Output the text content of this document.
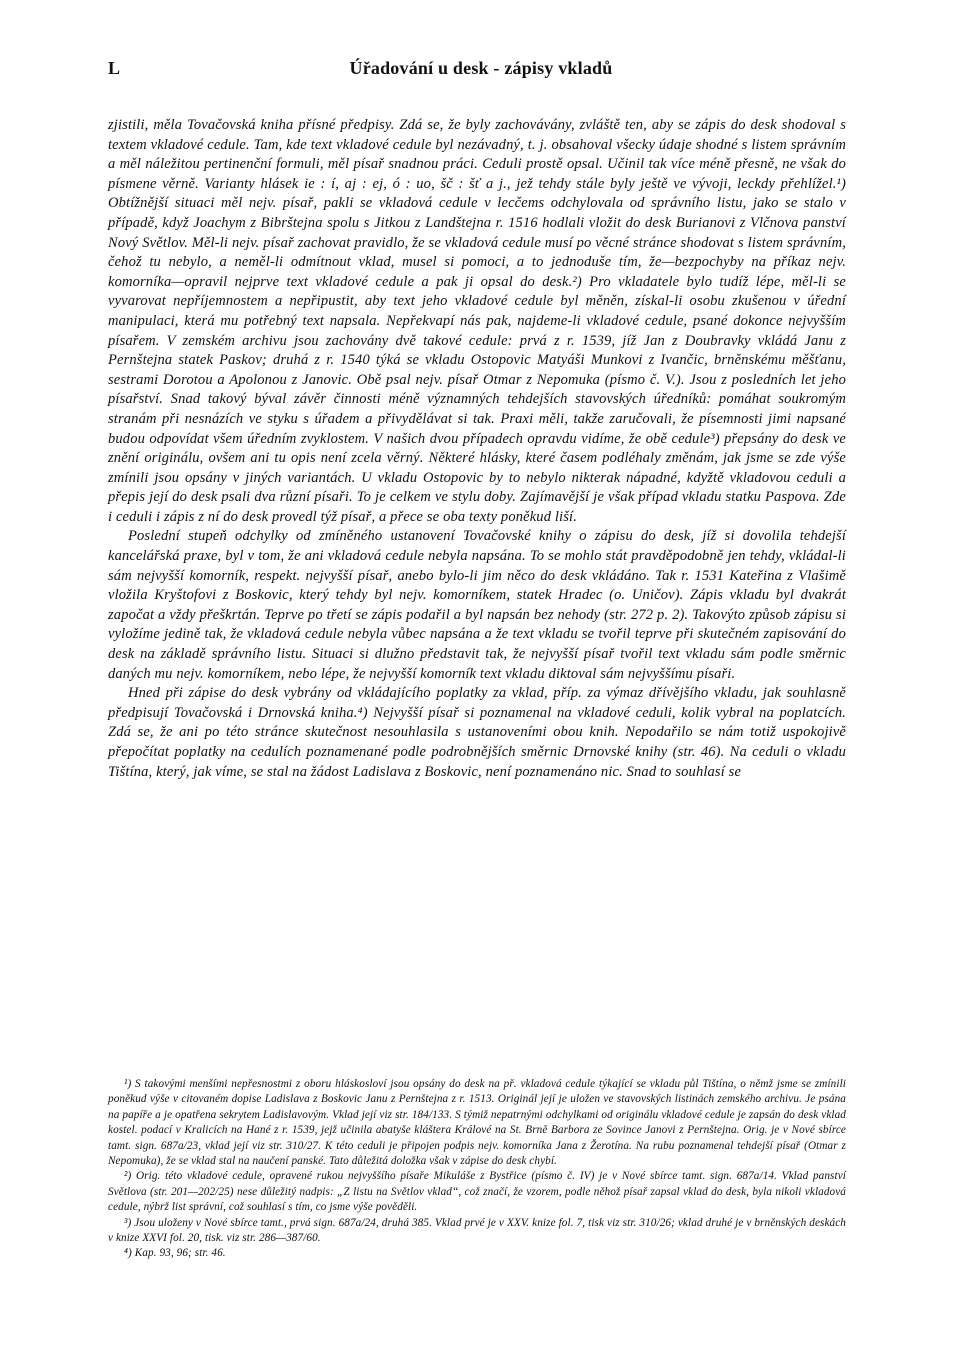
L	Úřadování u desk - zápisy vkladů

zjistili, měla Tovačovská kniha přísné předpisy. Zdá se, že byly zachovávány, zvláště ten, aby se zápis do desk shodoval s textem vkladové cedule. Tam, kde text vkladové cedule byl nezávadný, t. j. obsahoval všecky údaje shodné s listem správním a měl náležitou pertinenční formuli, měl písař snadnou práci. Ceduli prostě opsal. Učinil tak více méně přesně, ne však do písmene věrně. Varianty hlásek ie : í, aj : ej, ó : uo, šč : šť a j., jež tehdy stále byly ještě ve vývoji, leckdy přehlížel.¹) Obtížnější situaci měl nejv. písař, pakli se vkladová cedule v lecčems odchylovala od správního listu, jako se stalo v případě, když Joachym z Bibrštejna spolu s Jitkou z Landštejna r. 1516 hodlali vložit do desk Burianovi z Vlčnova panství Nový Světlov. Měl-li nejv. písař zachovat pravidlo, že se vkladová cedule musí po věcné stránce shodovat s listem správním, čehož tu nebylo, a neměl-li odmítnout vklad, musel si pomoci, a to jednoduše tím, že—bezpochyby na příkaz nejv. komorníka—opravil nejprve text vkladové cedule a pak ji opsal do desk.²) Pro vkladatele bylo tudíž lépe, měl-li se vyvarovat nepříjemnostem a nepřipustit, aby text jeho vkladové cedule byl měněn, získal-li osobu zkušenou v úřední manipulaci, která mu potřebný text napsala. Nepřekvapí nás pak, najdeme-li vkladové cedule, psané dokonce nejvyšším písařem. V zemském archivu jsou zachovány dvě takové cedule: prvá z r. 1539, jíž Jan z Doubravky vkládá Janu z Pernštejna statek Paskov; druhá z r. 1540 týká se vkladu Ostopovic Matyáši Munkovi z Ivančic, brněnskému měšťanu, sestrami Dorotou a Apolonou z Janovic. Obě psal nejv. písař Otmar z Nepomuka (písmo č. V.). Jsou z posledních let jeho písařství. Snad takový býval závěr činnosti méně významných tehdejších stavovských úředníků: pomáhat soukromým stranám při nesnázích ve styku s úřadem a přivydělávat si tak. Praxi měli, takže zaručovali, že písemnosti jimi napsané budou odpovídat všem úředním zvyklostem. V našich dvou případech opravdu vidíme, že obě cedule³) přepsány do desk ve znění originálu, ovšem ani tu opis není zcela věrný. Některé hlásky, které časem podléhaly změnám, jak jsme se zde výše zmínili jsou opsány v jiných variantách. U vkladu Ostopovic by to nebylo nikterak nápadné, kdyžtě vkladovou ceduli a přepis její do desk psali dva různí písaři. To je celkem ve stylu doby. Zajímavější je však případ vkladu statku Paspova. Zde i ceduli i zápis z ní do desk provedl týž písař, a přece se oba texty poněkud liší.

Poslední stupeň odchylky od zmíněného ustanovení Tovačovské knihy o zápisu do desk, jíž si dovolila tehdejší kancelářská praxe, byl v tom, že ani vkladová cedule nebyla napsána. To se mohlo stát pravděpodobně jen tehdy, vkládal-li sám nejvyšší komorník, respekt. nejvyšší písař, anebo bylo-li jim něco do desk vkládáno. Tak r. 1531 Kateřina z Vlašimě vložila Kryštofovi z Boskovic, který tehdy byl nejv. komorníkem, statek Hradec (o. Uničov). Zápis vkladu byl dvakrát započat a vždy přeškrtán. Teprve po třetí se zápis podařil a byl napsán bez nehody (str. 272 p. 2). Takovýto způsob zápisu si vyložíme jedině tak, že vkladová cedule nebyla vůbec napsána a že text vkladu se tvořil teprve při skutečném zapisování do desk na základě správního listu. Situaci si dlužno představit tak, že nejvyšší písař tvořil text vkladu sám podle směrnic daných mu nejv. komorníkem, nebo lépe, že nejvyšší komorník text vkladu diktoval sám nejvyššímu písaři.

Hned při zápise do desk vybrány od vkládajícího poplatky za vklad, příp. za výmaz dřívějšího vkladu, jak souhlasně předpisují Tovačovská i Drnovská kniha.⁴) Nejvyšší písař si poznamenal na vkladové ceduli, kolik vybral na poplatcích. Zdá se, že ani po této stránce skutečnost nesouhlasila s ustanoveními obou knih. Nepodařilo se nám totiž uspokojivě přepočítat poplatky na cedulích poznamenané podle podrobnějších směrnic Drnovské knihy (str. 46). Na ceduli o vkladu Tištína, který, jak víme, se stal na žádost Ladislava z Boskovic, není poznamenáno nic. Snad to souhlasí se

¹) S takovými menšími nepřesnostmi z oboru hláskosloví jsou opsány do desk na př. vkladová cedule týkající se vkladu půl Tištína, o němž jsme se zmínili poněkud výše v citovaném dopise Ladislava z Boskovic Janu z Pernštejna z r. 1513. Originál její je uložen ve stavovských listinách zemského archivu. Je psána na papíře a je opatřena sekrytem Ladislavovým. Vklad její viz str. 184/133. S týmiž nepatrnými odchylkami od originálu vkladové cedule je zapsán do desk vklad kostel. podací v Kralicích na Hané z r. 1539, jejž učinila abatyše kláštera Králové na St. Brně Barbora ze Sovince Janovi z Pernštejna. Orig. je v Nové sbírce tamt. sign. 687a/23, vklad její viz str. 310/27. K této ceduli je připojen podpis nejv. komorníka Jana z Žerotína. Na rubu poznamenal tehdejší písař (Otmar z Nepomuka), že se vklad stal na naučení panské. Tato důležitá doložka však v zápise do desk chybí.

²) Orig. této vkladové cedule, opravené rukou nejvyššího písaře Mikuláše z Bystřice (písmo č. IV) je v Nové sbírce tamt. sign. 687a/14. Vklad panství Světlova (str. 201—202/25) nese důležitý nadpis: „Z listu na Světlov vklad“, což značí, že vzorem, podle něhož písař zapsal vklad do desk, byla nikoli vkladová cedule, nýbrž list správní, což souhlasí s tím, co jsme výše pověděli.

³) Jsou uloženy v Nové sbírce tamt., prvá sign. 687a/24, druhá 385. Vklad prvé je v XXV. knize fol. 7, tisk viz str. 310/26; vklad druhé je v brněnských deskách v knize XXVI fol. 20, tisk. viz str. 286—387/60.

⁴) Kap. 93, 96; str. 46.
